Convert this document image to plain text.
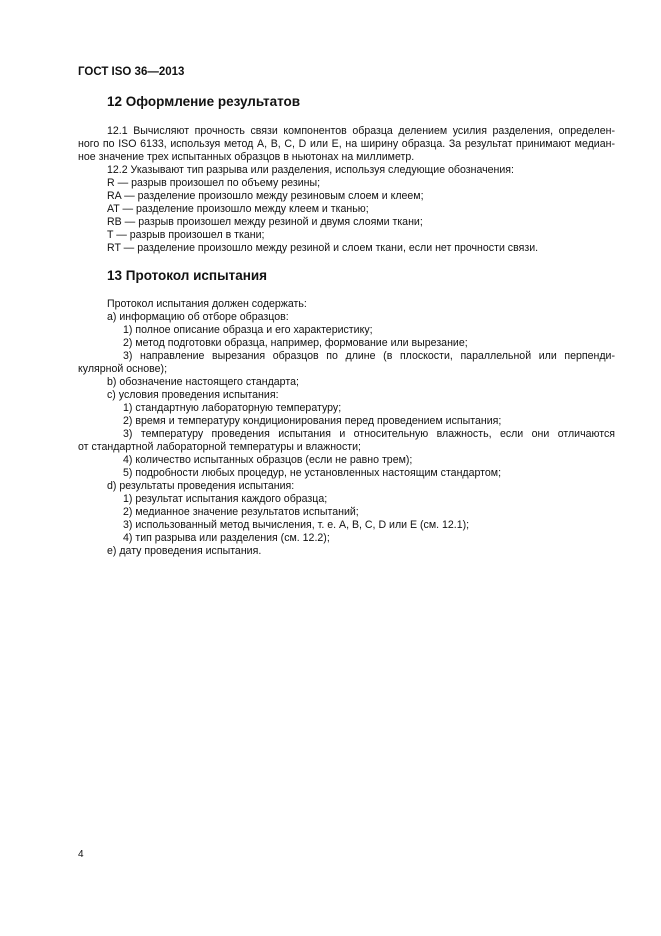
ГОСТ ISO 36—2013
12 Оформление результатов
12.1 Вычисляют прочность связи компонентов образца делением усилия разделения, определен-
ного по ISO 6133, используя метод A, B, C, D или E, на ширину образца. За результат принимают медиан-
ное значение трех испытанных образцов в ньютонах на миллиметр.
12.2 Указывают тип разрыва или разделения, используя следующие обозначения:
R — разрыв произошел по объему резины;
RA — разделение произошло между резиновым слоем и клеем;
AT — разделение произошло между клеем и тканью;
RB — разрыв произошел между резиной и двумя слоями ткани;
T — разрыв произошел в ткани;
RT — разделение произошло между резиной и слоем ткани, если нет прочности связи.
13 Протокол испытания
Протокол испытания должен содержать:
a) информацию об отборе образцов:
1) полное описание образца и его характеристику;
2) метод подготовки образца, например, формование или вырезание;
3) направление вырезания образцов по длине (в плоскости, параллельной или перпенди-
кулярной основе);
b) обозначение настоящего стандарта;
c) условия проведения испытания:
1) стандартную лабораторную температуру;
2) время и температуру кондиционирования перед проведением испытания;
3) температуру проведения испытания и относительную влажность, если они отличаются
от стандартной лабораторной температуры и влажности;
4) количество испытанных образцов (если не равно трем);
5) подробности любых процедур, не установленных настоящим стандартом;
d) результаты проведения испытания:
1) результат испытания каждого образца;
2) медианное значение результатов испытаний;
3) использованный метод вычисления, т. е. A, B, C, D или E (см. 12.1);
4) тип разрыва или разделения (см. 12.2);
e) дату проведения испытания.
4
